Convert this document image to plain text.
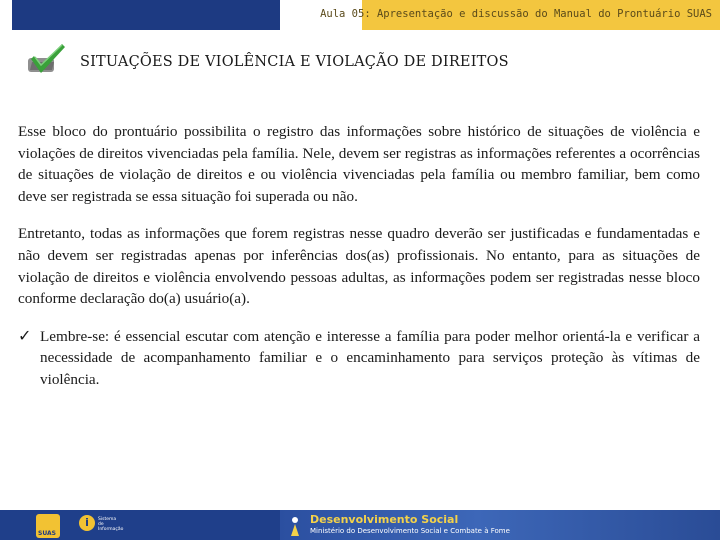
Aula 05: Apresentação e discussão do Manual do Prontuário SUAS
SITUAÇÕES DE VIOLÊNCIA E VIOLAÇÃO DE DIREITOS

Esse bloco do prontuário possibilita o registro das informações sobre histórico de situações de violência e violações de direitos vivenciadas pela família. Nele, devem ser registras as informações referentes a ocorrências de situações de violação de direitos e ou violência vivenciadas pela família ou membro familiar, bem como deve ser registrada se essa situação foi superada ou não.

Entretanto, todas as informações que forem registras nesse quadro deverão ser justificadas e fundamentadas e não devem ser registradas apenas por inferências dos(as) profissionais. No entanto, para as situações de violação de direitos e violência envolvendo pessoas adultas, as informações podem ser registradas nesse bloco conforme declaração do(a) usuário(a).

✓ Lembre-se: é essencial escutar com atenção e interesse a família para poder melhor orientá-la e verificar a necessidade de acompanhamento familiar e o encaminhamento para serviços proteção às vítimas de violência.
SUAS
i	Sistema de Informação
Desenvolvimento Social
Ministério do Desenvolvimento Social e Combate à Fome
